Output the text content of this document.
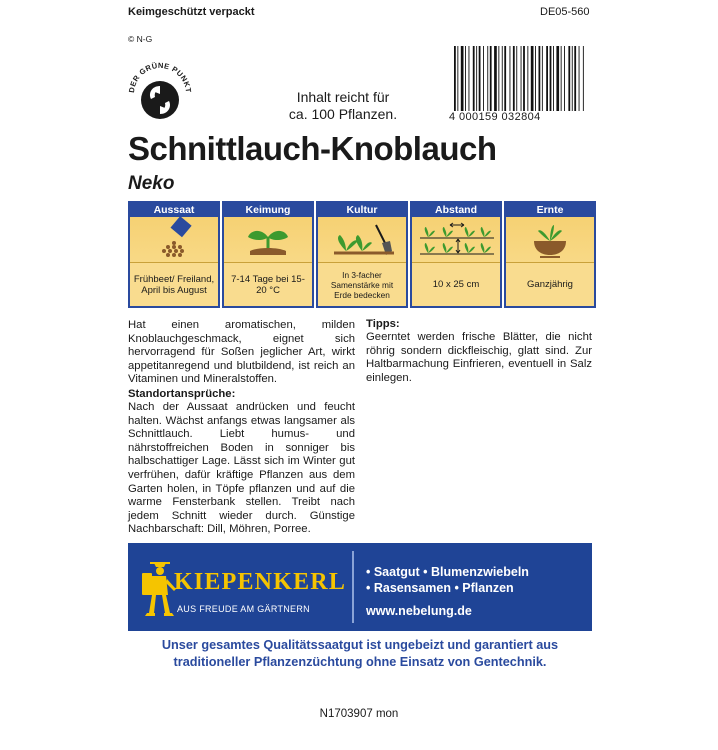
Keimgeschützt verpackt	DE05-560
© N-G
DER GRÜNE PUNKT	Inhalt reicht für
ca. 100 Pflanzen.	4 000159 032804
Schnittlauch-Knoblauch
Neko
Aussaat
Frühbeet/ Freiland, April bis August
Keimung
7-14 Tage bei 15-20 °C
Kultur
In 3-facher Samenstärke mit Erde bedecken
Abstand
10 x 25 cm
Ernte
Ganzjährig
Hat einen aromatischen, milden Knoblauchgeschmack, eignet sich hervorragend für Soßen jeglicher Art, wirkt appetitanregend und blutbildend, ist reich an Vitaminen und Mineralstoffen.
Standortansprüche:
Nach der Aussaat andrücken und feucht halten. Wächst anfangs etwas langsamer als Schnittlauch. Liebt humus- und nährstoffreichen Boden in sonniger bis halbschattiger Lage. Lässt sich im Winter gut verfrühen, dafür kräftige Pflanzen aus dem Garten holen, in Töpfe pflanzen und auf die warme Fensterbank stellen. Treibt nach jedem Schnitt wieder durch. Günstige Nachbarschaft: Dill, Möhren, Porree.
Tipps:
Geerntet werden frische Blätter, die nicht röhrig sondern dickfleischig, glatt sind. Zur Haltbarmachung Einfrieren, eventuell in Salz einlegen.
KIEPENKERL
AUS FREUDE AM GÄRTNERN
• Saatgut • Blumenzwiebeln
• Rasensamen • Pflanzen
www.nebelung.de
Unser gesamtes Qualitätssaatgut ist ungebeizt und garantiert aus
traditioneller Pflanzenzüchtung ohne Einsatz von Gentechnik.
N1703907 mon
